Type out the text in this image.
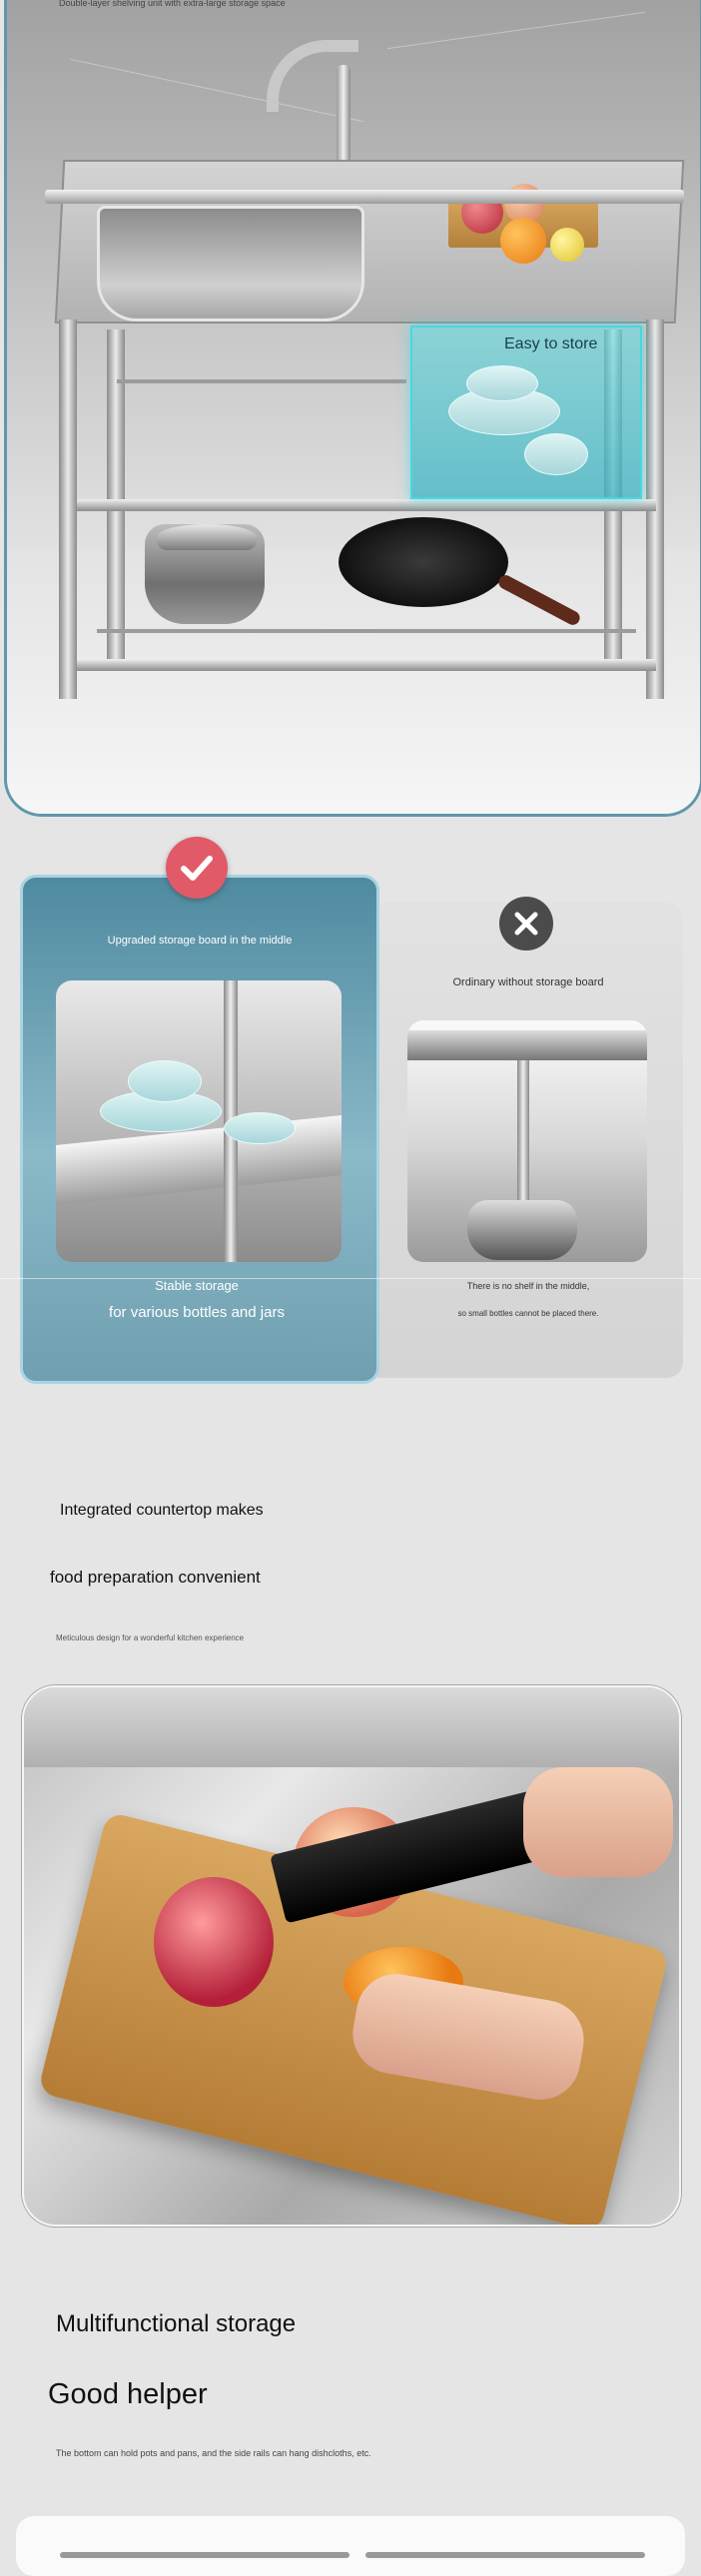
Double-layer shelving unit with extra-large storage space
Easy to store
Upgraded storage board in the middle
Ordinary without storage board
Stable storage
for various bottles and jars
There is no shelf in the middle,
so small bottles cannot be placed there.
Integrated countertop makes
food preparation convenient
Meticulous design for a wonderful kitchen experience
Multifunctional storage
Good helper
The bottom can hold pots and pans, and the side rails can hang dishcloths, etc.
